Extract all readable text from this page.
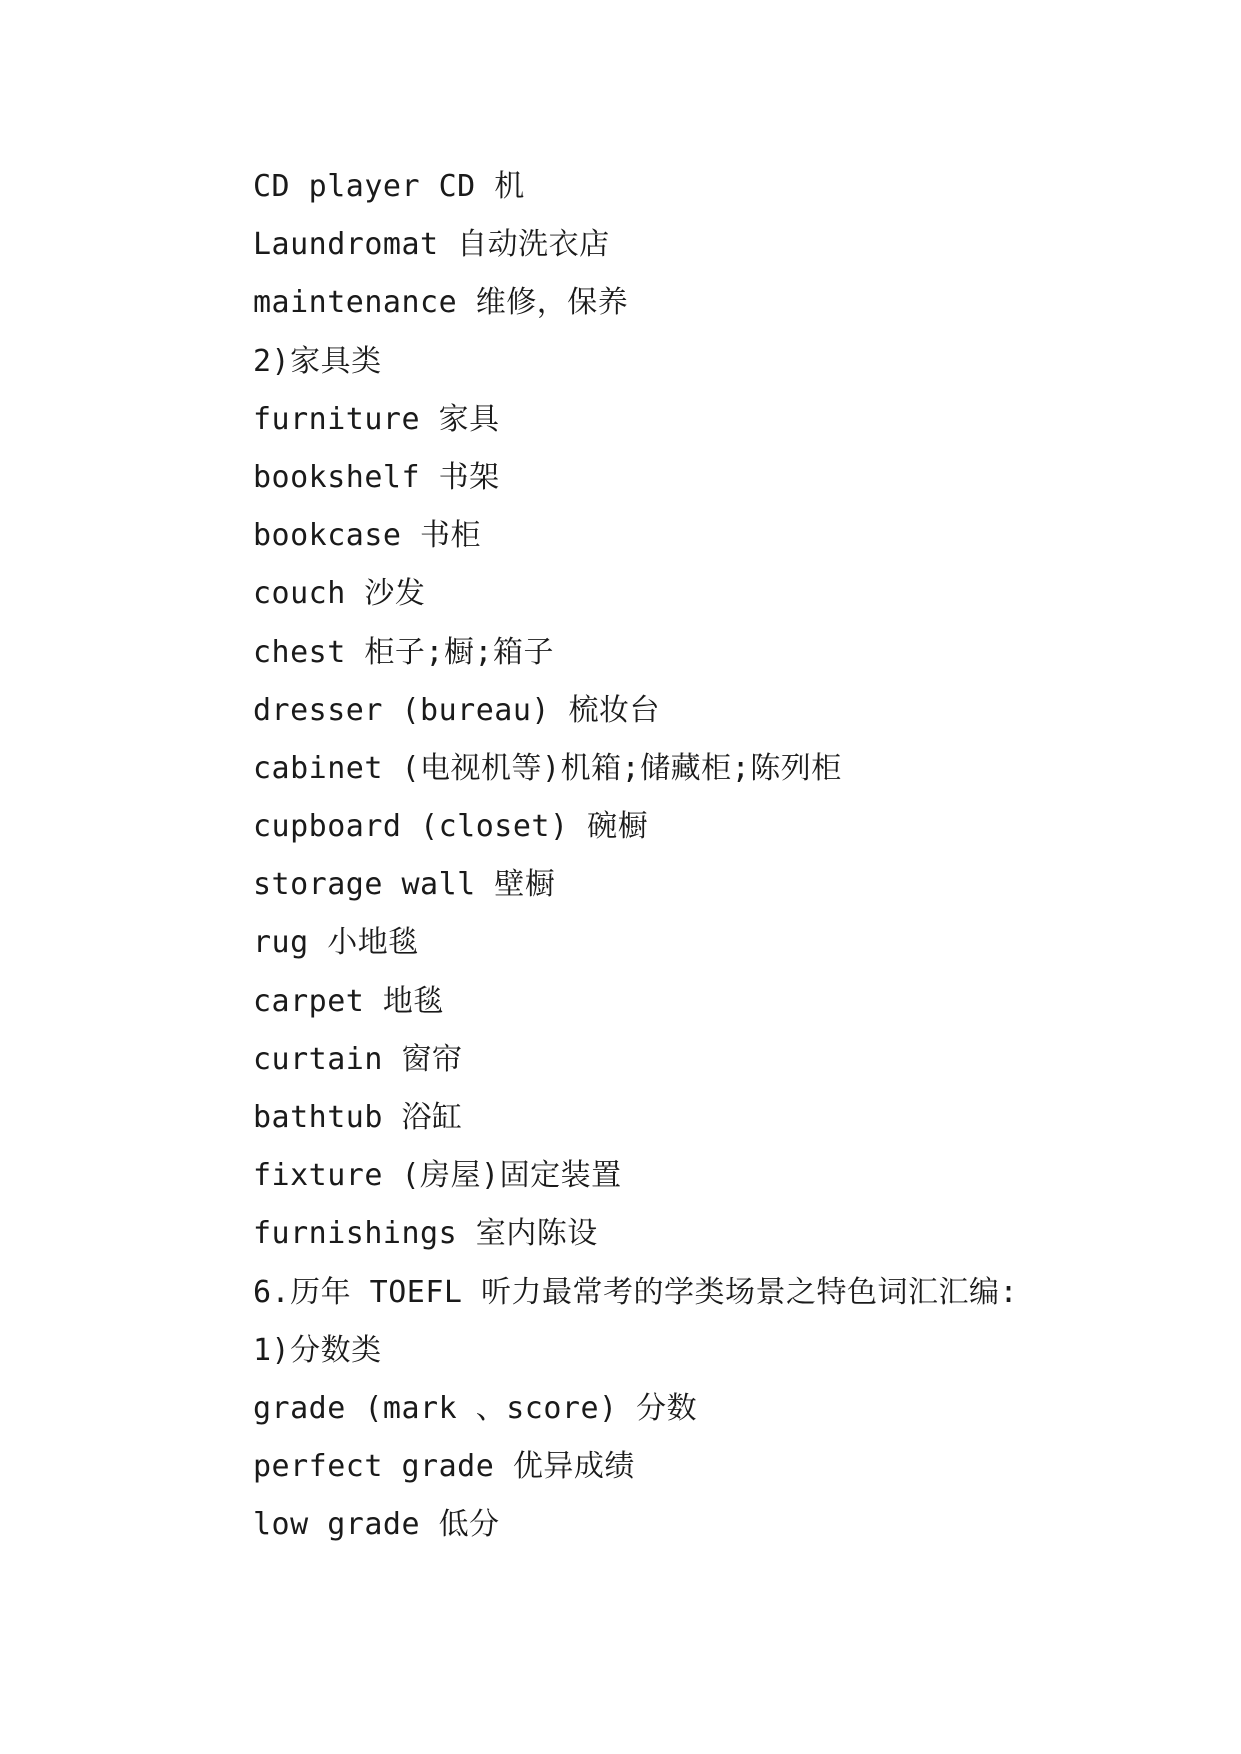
CD player CD 机
Laundromat 自动洗衣店
maintenance 维修，保养
2)家具类
furniture 家具
bookshelf 书架
bookcase 书柜
couch 沙发
chest 柜子;橱;箱子
dresser (bureau) 梳妆台
cabinet (电视机等)机箱;储藏柜;陈列柜
cupboard (closet) 碗橱
storage wall 壁橱
rug 小地毯
carpet 地毯
curtain 窗帘
bathtub 浴缸
fixture (房屋)固定装置
furnishings 室内陈设
6.历年 TOEFL 听力最常考的学类场景之特色词汇汇编:
1)分数类
grade (mark 、score) 分数
perfect grade 优异成绩
low grade 低分
